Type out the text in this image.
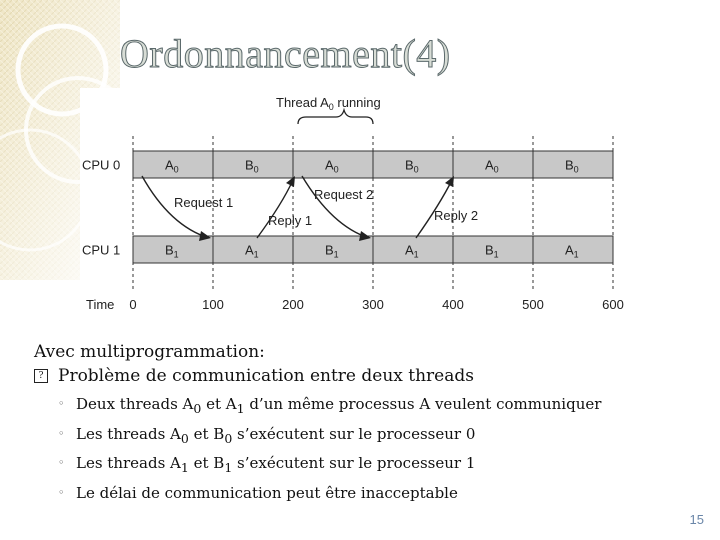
Ordonnancement(4)
Thread $A_0$ running
CPU 0	$A_0$	$B_0$	$A_0$	$B_0$	$A_0$	$B_0$
CPU 1	$B_1$	$A_1$	$B_1$	$A_1$	$B_1$	$A_1$
Time 0	100	200	300	400	500	600
Request 1
Reply 1
Request 2
Reply 2
Avec multiprogrammation:
? Problème de communication entre deux threads
◦ Deux threads $A_0$ et $A_1$ d’un même processus A veulent communiquer
◦ Les threads $A_0$ et $B_0$ s’exécutent sur le processeur 0
◦ Les threads $A_1$ et $B_1$ s’exécutent sur le processeur 1
◦ Le délai de communication peut être inacceptable
15
